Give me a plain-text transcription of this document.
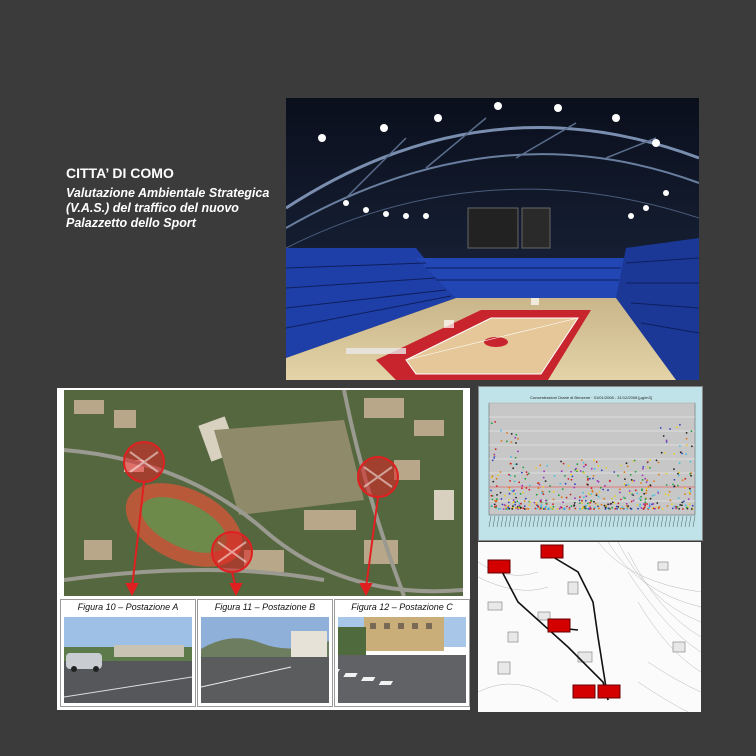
CITTA’ DI COMO
Valutazione Ambientale Strategica (V.A.S.) del traffico del nuovo Palazzetto dello Sport
Figura 10 – Postazione A	Figura 11 – Postazione B	Figura 12 – Postazione C
Concentrazioni Orarie di Benzene · 01/01/2008 - 31/12/2008 [µg/m3]
